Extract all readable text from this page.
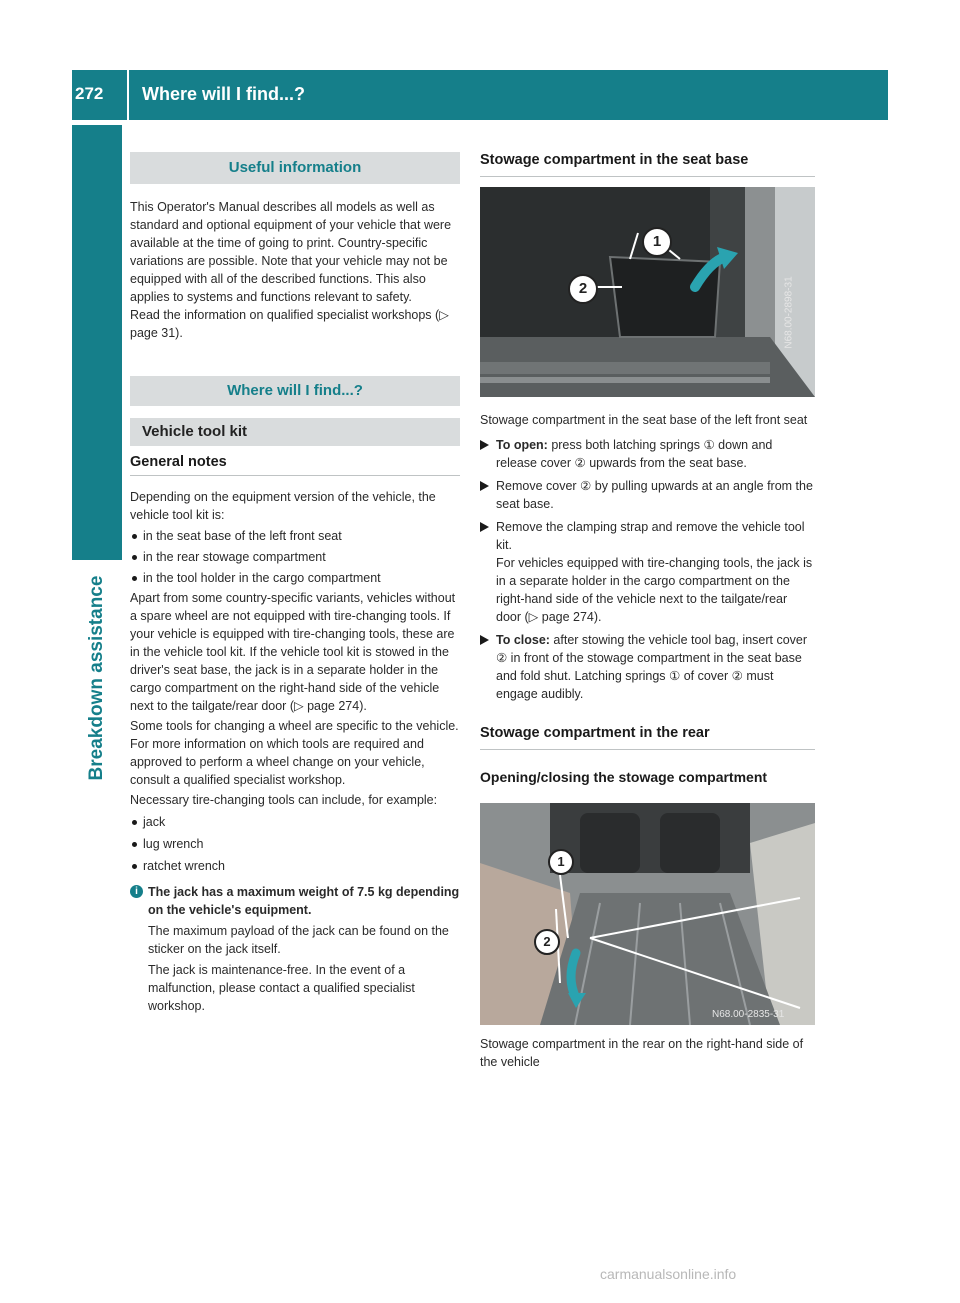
272 Where will I find...?
Breakdown assistance
Useful information

This Operator's Manual describes all models as well as standard and optional equipment of your vehicle that were available at the time of going to print. Country-specific variations are possible. Note that your vehicle may not be equipped with all of the described functions. This also applies to systems and functions relevant to safety.

Read the information on qualified specialist workshops (▷ page 31).

Where will I find...?
Vehicle tool kit
General notes

Depending on the equipment version of the vehicle, the vehicle tool kit is:

in the seat base of the left front seat

in the rear stowage compartment

in the tool holder in the cargo compartment

Apart from some country-specific variants, vehicles without a spare wheel are not equipped with tire-changing tools. If your vehicle is equipped with tire-changing tools, these are in the vehicle tool kit. If the vehicle tool kit is stowed in the driver's seat base, the jack is in a separate holder in the cargo compartment on the right-hand side of the vehicle next to the tailgate/rear door (▷ page 274).

Some tools for changing a wheel are specific to the vehicle. For more information on which tools are required and approved to perform a wheel change on your vehicle, consult a qualified specialist workshop.

Necessary tire-changing tools can include, for example:

jack

lug wrench

ratchet wrench

i The jack has a maximum weight of 7.5 kg depending on the vehicle's equipment.

The maximum payload of the jack can be found on the sticker on the jack itself.

The jack is maintenance-free. In the event of a malfunction, please contact a qualified specialist workshop.

Stowage compartment in the seat base
1
2	N68.00-2898-31

Stowage compartment in the seat base of the left front seat

To open: press both latching springs ① down and release cover ② upwards from the seat base.

Remove cover ② by pulling upwards at an angle from the seat base.

Remove the clamping strap and remove the vehicle tool kit.

For vehicles equipped with tire-changing tools, the jack is in a separate holder in the cargo compartment on the right-hand side of the vehicle next to the tailgate/rear door (▷ page 274).

To close: after stowing the vehicle tool bag, insert cover ② in front of the stowage compartment in the seat base and fold shut. Latching springs ① of cover ② must engage audibly.

Stowage compartment in the rear
Opening/closing the stowage compartment
1
2
N68.00-2835-31

Stowage compartment in the rear on the right-hand side of the vehicle

carmanualsonline.info
